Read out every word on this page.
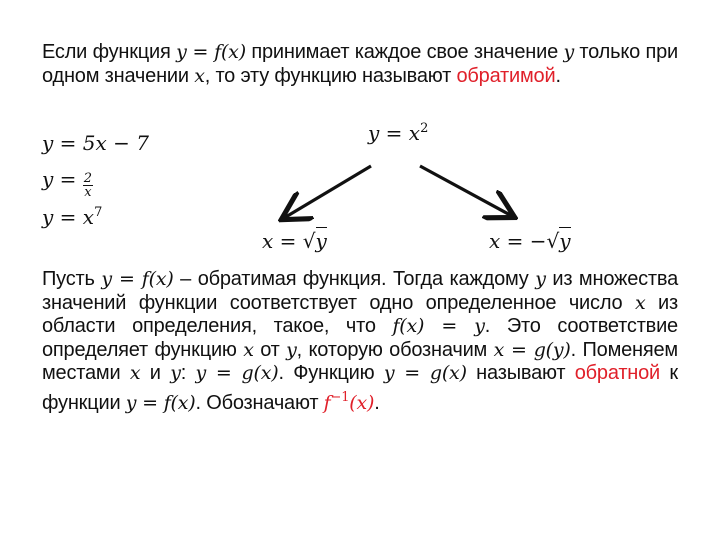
Если функция y = f(x) принимает каждое свое значение y только при одном значении x, то эту функцию называют обратимой.
y = 5x − 7
$y = \frac{2}{x}$
$y = x^7$
$y = x^2$
x = √y	x = −√y
Пусть y = f(x) – обратимая функция. Тогда каждому y из множества значений функции соответствует одно определенное число x из области определения, такое, что f(x) = y. Это соответствие определяет функцию x от y, которую обозначим x = g(y). Поменяем местами x и y: y = g(x). Функцию y = g(x) называют обратной к функции y = f(x). Обозначают $f^{-1}(x)$.
